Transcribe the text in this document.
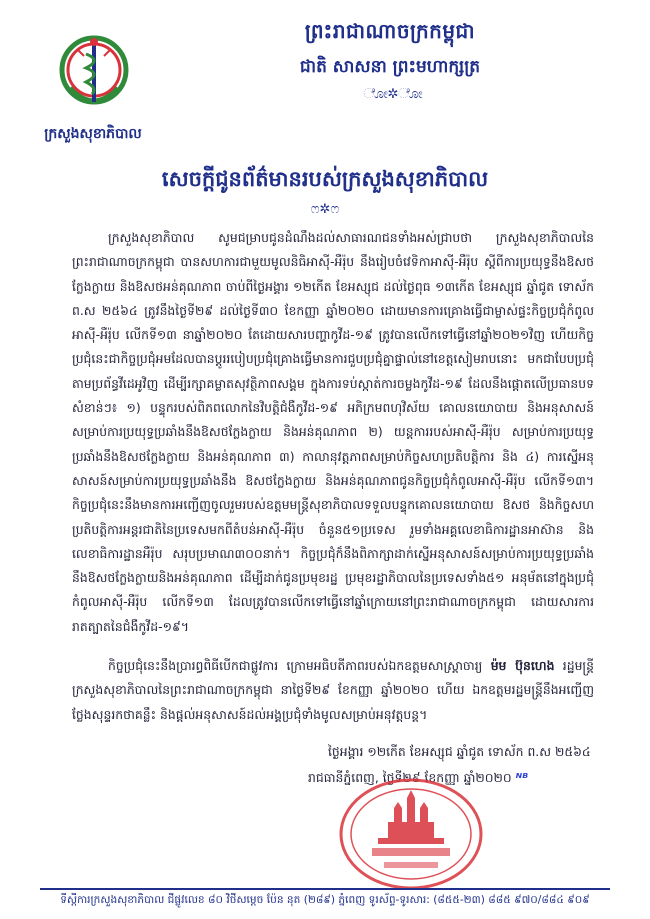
ក្រសួងសុខាភិបាល
ព្រះរាជាណាចក្រកម្ពុជា
ជាតិ សាសនា ព្រះមហាក្សត្រ
ೋ✲ೋ
សេចក្តីជូនព័ត៌មានរបស់ក្រសួងសុខាភិបាល
ෆ✲ෆ

ក្រសួងសុខាភិបាល សូមជម្រាបជូនដំណឹងដល់សាធារណជនទាំងអស់ជ្រាបថា ក្រសួងសុខាភិបាលនៃព្រះរាជាណាចក្រកម្ពុជា បានសហការជាមួយមូលនិធិអាស៊ី-អឺរ៉ុប នឹងរៀបចំវេទិកាអាស៊ី-អឺរ៉ុប ស្តីពីការប្រយុទ្ធនឹងឱសថក្លែងក្លាយ និងឱសថអន់គុណភាព ចាប់ពីថ្ងៃអង្គារ ១២កើត ខែអស្សុជ ដល់ថ្ងៃពុធ ១៣កើត ខែអស្សុជ ឆ្នាំជូត ទោស័ក ព.ស ២៥៦៤ ត្រូវនឹងថ្ងៃទី២៩ ដល់ថ្ងៃទី៣០ ខែកញ្ញា ឆ្នាំ២០២០ ដោយមានការគ្រោងធ្វើជាម្ចាស់ផ្ទះកិច្ចប្រជុំកំពូលអាស៊ី-អឺរ៉ុប លើកទី១៣ នាឆ្នាំ២០២០ តែដោយសារបញ្ហាកូវីដ-១៩ ត្រូវបានលើកទៅធ្វើនៅឆ្នាំ២០២១វិញ ហើយកិច្ចប្រជុំនេះជាកិច្ចប្រជុំអមដែលបានប្តូររបៀបប្រជុំគ្រោងធ្វើមានការជួបប្រជុំគ្នាផ្ទាល់នៅខេត្តសៀមរាបនោះ មកជាបែបប្រជុំតាមប្រព័ន្ធវីដេអូវិញ ដើម្បីរក្សាគម្លាតសុវត្ថិភាពសង្គម ក្នុងការទប់ស្កាត់ការចម្លងកូវីដ-១៩ ដែលនឹងផ្តោតលើប្រធានបទសំខាន់ៗ៖ ១) បន្ទុករបស់ពិភពលោកនៃវិបត្តិជំងឺកូវីដ-១៩ អភិក្រមពហុវិស័យ គោលនយោបាយ និងអនុសាសន៍សម្រាប់ការប្រយុទ្ធប្រឆាំងនឹងឱសថក្លែងក្លាយ និងអន់គុណភាព ២) យន្តការរបស់អាស៊ី-អឺរ៉ុប សម្រាប់ការប្រយុទ្ធប្រឆាំងនឹងឱសថក្លែងក្លាយ និងអន់គុណភាព ៣) កាលានុវត្តភាពសម្រាប់កិច្ចសហប្រតិបត្តិការ និង ៤) ការស្នើអនុសាសន៍សម្រាប់ការប្រយុទ្ធប្រឆាំងនឹង ឱសថក្លែងក្លាយ និងអន់គុណភាពជូនកិច្ចប្រជុំកំពូលអាស៊ី-អឺរ៉ុប លើកទី១៣។ កិច្ចប្រជុំនេះនឹងមានការអញ្ជើញចូលរួមរបស់ឧត្តមមន្ត្រីសុខាភិបាលទទួលបន្ទុកគោលនយោបាយ ឱសថ និងកិច្ចសហប្រតិបត្តិការអន្តរជាតិនៃប្រទេសមកពីតំបន់អាស៊ី-អឺរ៉ុប ចំនួន៥១ប្រទេស រួមទាំងអគ្គលេខាធិការដ្ឋានអាស៊ាន និងលេខាធិការដ្ឋានអឺរ៉ុប សរុបប្រមាណ៣០០នាក់។ កិច្ចប្រជុំក៏នឹងពិភាក្សាដាក់ស្នើអនុសាសន៍សម្រាប់ការប្រយុទ្ធប្រឆាំងនឹងឱសថក្លែងក្លាយនិងអន់គុណភាព ដើម្បីដាក់ជូនប្រមុខរដ្ឋ ប្រមុខរដ្ឋាភិបាលនៃប្រទេសទាំង៥១ អនុម័តនៅក្នុងប្រជុំកំពូលអាស៊ី-អឺរ៉ុប លើកទី១៣ ដែលត្រូវបានលើកទៅធ្វើនៅឆ្នាំក្រោយនៅព្រះរាជាណាចក្រកម្ពុជា ដោយសារការរាតត្បាតនៃជំងឺកូវីដ-១៩។

កិច្ចប្រជុំនេះនឹងប្រារព្ធពិធីបើកជាផ្លូវការ ក្រោមអធិបតីភាពរបស់ឯកឧត្តមសាស្ត្រាចារ្យ ម៉ម ប៊ុនហេង រដ្ឋមន្ត្រីក្រសួងសុខាភិបាលនៃព្រះរាជាណាចក្រកម្ពុជា នាថ្ងៃទី២៩ ខែកញ្ញា ឆ្នាំ២០២០ ហើយ ឯកឧត្តមរដ្ឋមន្ត្រីនឹងអញ្ជើញថ្លែងសុន្ទរកថាគន្លឹះ និងផ្តល់អនុសាសន៍ដល់អង្គប្រជុំទាំងមូលសម្រាប់អនុវត្តបន្ត។

ថ្ងៃអង្គារ ១២កើត ខែអស្សុជ ឆ្នាំជូត ទោស័ក ព.ស ២៥៦៤
រាជធានីភ្នំពេញ, ថ្ងៃទី២៩ ខែកញ្ញា ឆ្នាំ២០២០ ᴺᴮ
ទីស្តីការក្រសួងសុខាភិបាល ជីផ្លូវលេខ ៨០ វិថីសម្តេច ប៉ែន នុត (២៨៩) ភ្នំពេញ ទូរស័ព្ទ-ទូរសារ: (៨៥៥-២៣) ៨៨៥ ៩៧០/៨៨៤ ៩០៩
